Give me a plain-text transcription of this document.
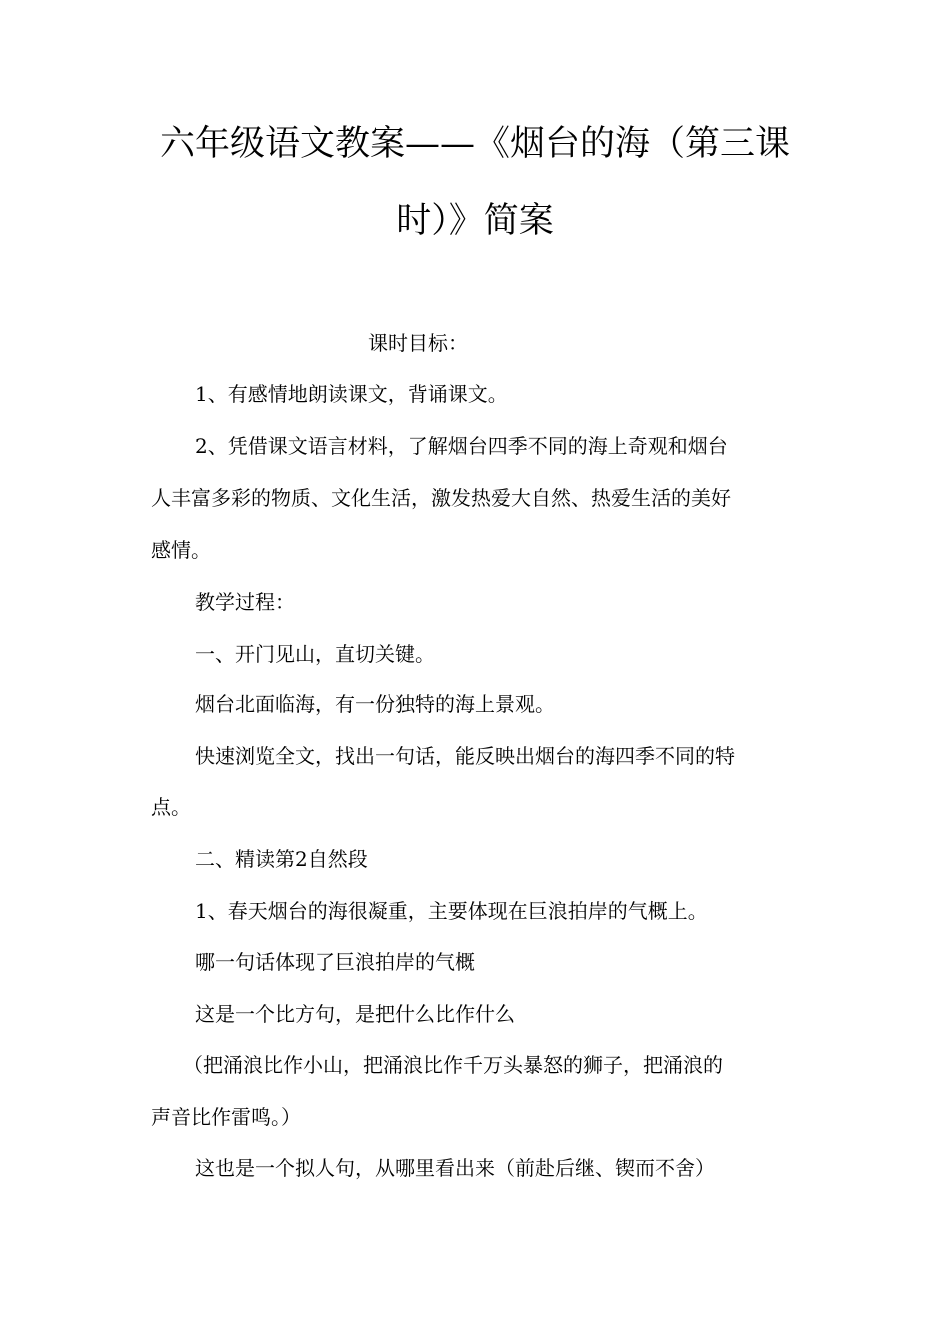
六年级语文教案——《烟台的海（第三课
时）》简案

课时目标：

1、有感情地朗读课文，背诵课文。

2、凭借课文语言材料，了解烟台四季不同的海上奇观和烟台

人丰富多彩的物质、文化生活，激发热爱大自然、热爱生活的美好

感情。

教学过程：

一、开门见山，直切关键。

烟台北面临海，有一份独特的海上景观。

快速浏览全文，找出一句话，能反映出烟台的海四季不同的特

点。

二、精读第2自然段

1、春天烟台的海很凝重，主要体现在巨浪拍岸的气概上。

哪一句话体现了巨浪拍岸的气概

这是一个比方句，是把什么比作什么

（把涌浪比作小山，把涌浪比作千万头暴怒的狮子，把涌浪的

声音比作雷鸣。）

这也是一个拟人句，从哪里看出来（前赴后继、锲而不舍）
